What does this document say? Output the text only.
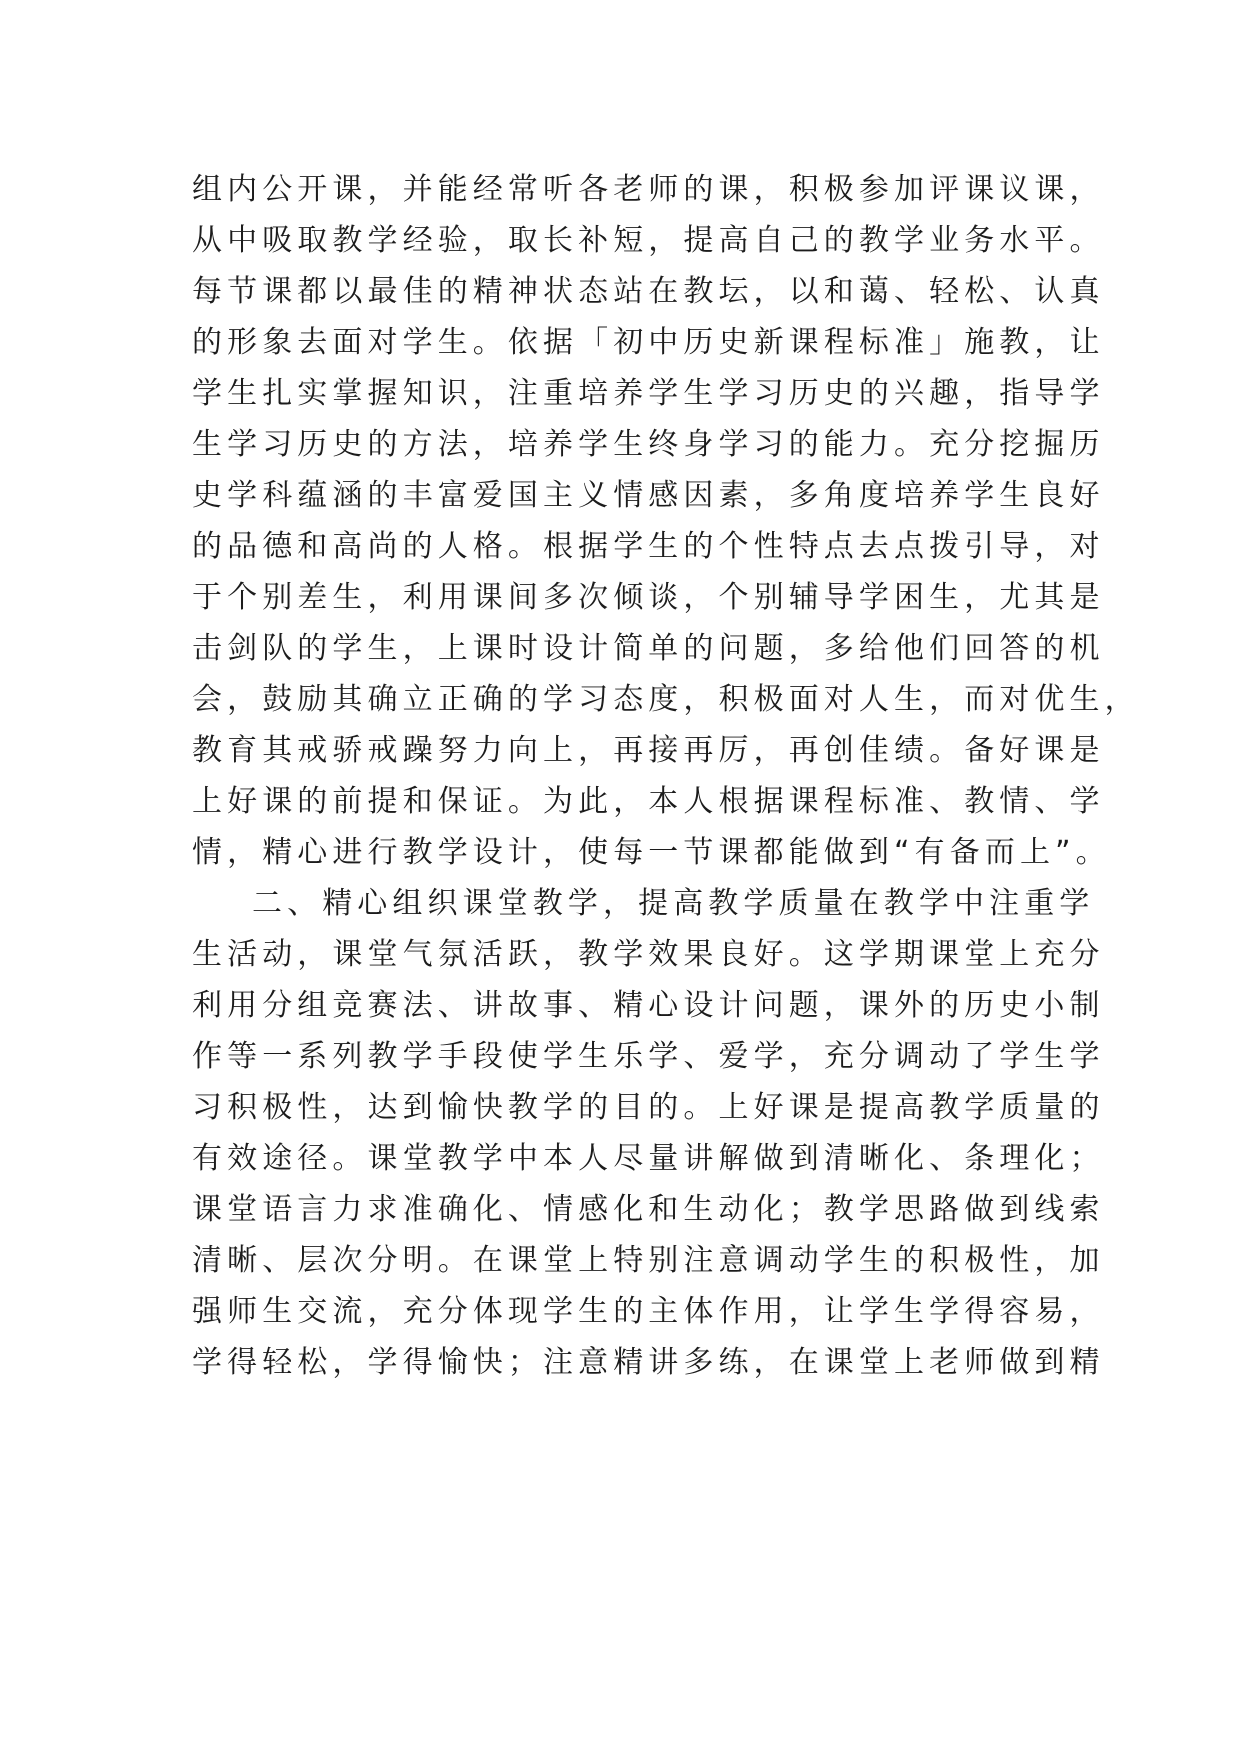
组内公开课，并能经常听各老师的课，积极参加评课议课，
从中吸取教学经验，取长补短，提高自己的教学业务水平。
每节课都以最佳的精神状态站在教坛，以和蔼、轻松、认真
的形象去面对学生。依据「初中历史新课程标准」施教，让
学生扎实掌握知识，注重培养学生学习历史的兴趣，指导学
生学习历史的方法，培养学生终身学习的能力。充分挖掘历
史学科蕴涵的丰富爱国主义情感因素，多角度培养学生良好
的品德和高尚的人格。根据学生的个性特点去点拨引导，对
于个别差生，利用课间多次倾谈，个别辅导学困生，尤其是
击剑队的学生，上课时设计简单的问题，多给他们回答的机
会，鼓励其确立正确的学习态度，积极面对人生，而对优生，
教育其戒骄戒躁努力向上，再接再厉，再创佳绩。备好课是
上好课的前提和保证。为此，本人根据课程标准、教情、学
情，精心进行教学设计，使每一节课都能做到“有备而上”。
二、精心组织课堂教学，提高教学质量在教学中注重学
生活动，课堂气氛活跃，教学效果良好。这学期课堂上充分
利用分组竞赛法、讲故事、精心设计问题，课外的历史小制
作等一系列教学手段使学生乐学、爱学，充分调动了学生学
习积极性，达到愉快教学的目的。上好课是提高教学质量的
有效途径。课堂教学中本人尽量讲解做到清晰化、条理化；
课堂语言力求准确化、情感化和生动化；教学思路做到线索
清晰、层次分明。在课堂上特别注意调动学生的积极性，加
强师生交流，充分体现学生的主体作用，让学生学得容易，
学得轻松，学得愉快；注意精讲多练，在课堂上老师做到精
